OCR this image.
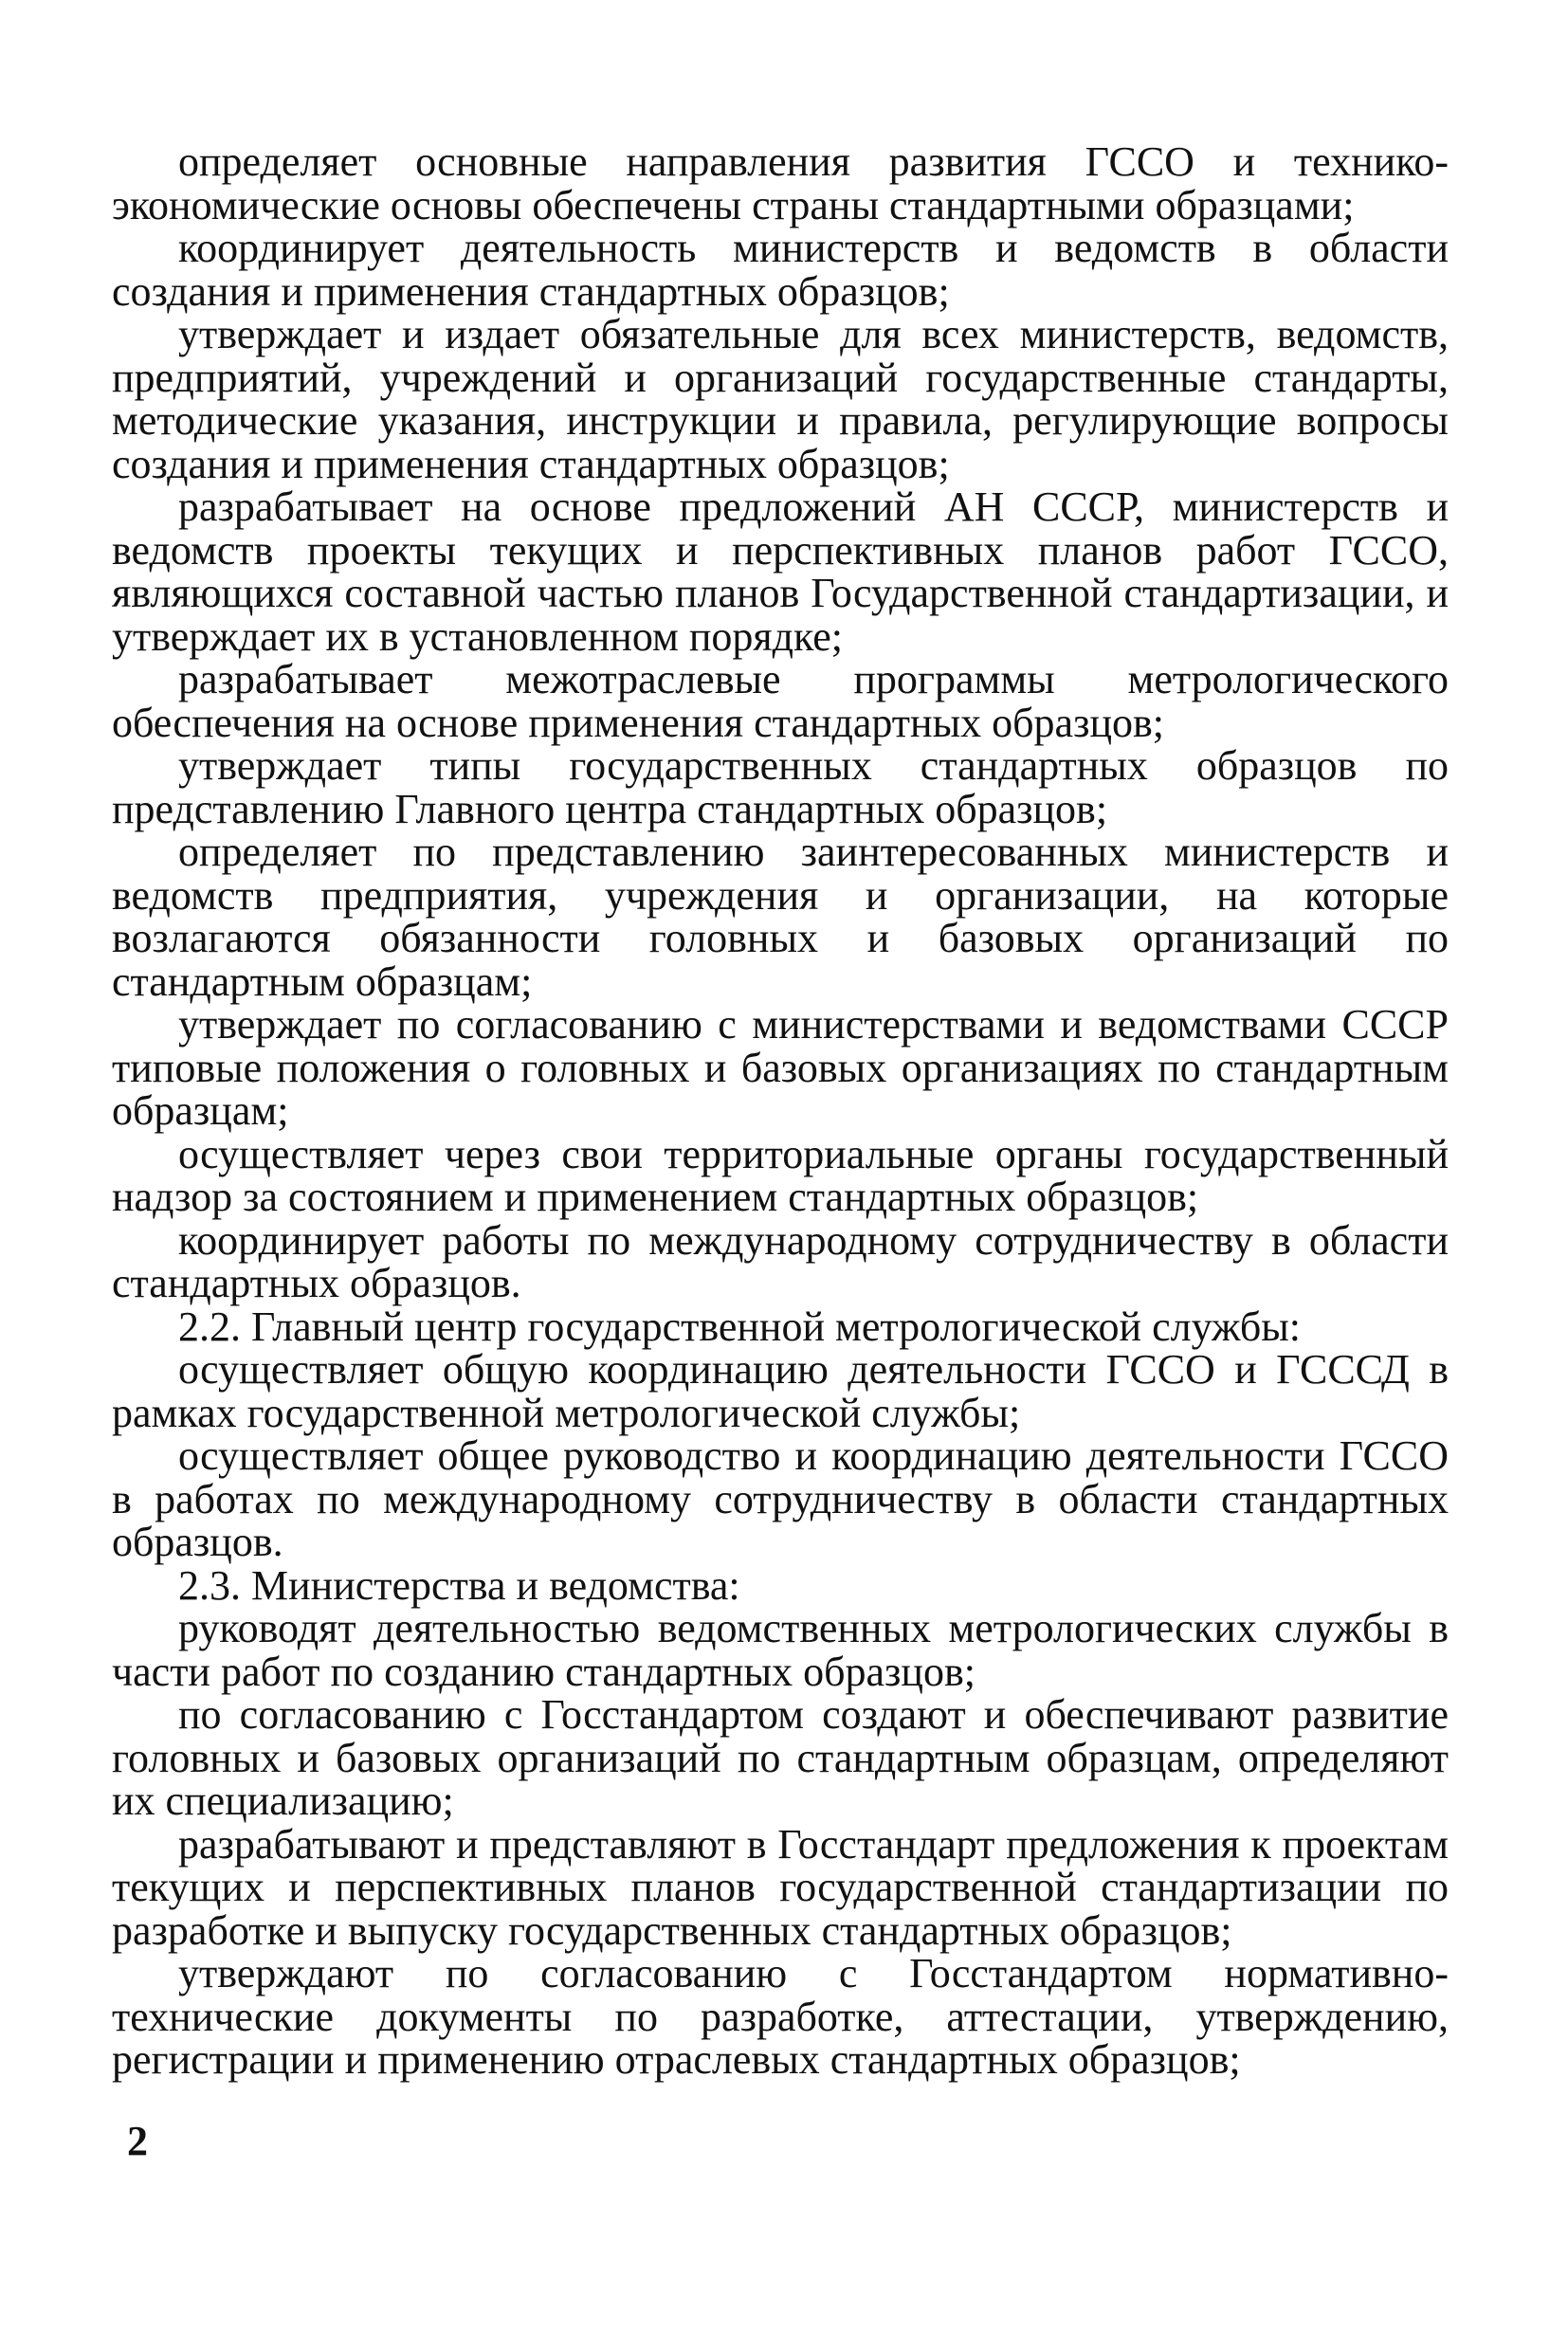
определяет основные направления развития ГССО и технико-экономические основы обеспечены страны стандартными образцами;

координирует деятельность министерств и ведомств в области создания и применения стандартных образцов;

утверждает и издает обязательные для всех министерств, ведомств, предприятий, учреждений и организаций государственные стандарты, методические указания, инструкции и правила, регулирующие вопросы создания и применения стандартных образцов;

разрабатывает на основе предложений АН СССР, министерств и ведомств проекты текущих и перспективных планов работ ГССО, являющихся составной частью планов Государственной стандартизации, и утверждает их в установленном порядке;

разрабатывает межотраслевые программы метрологического обеспечения на основе применения стандартных образцов;

утверждает типы государственных стандартных образцов по представлению Главного центра стандартных образцов;

определяет по представлению заинтересованных министерств и ведомств предприятия, учреждения и организации, на которые возлагаются обязанности головных и базовых организаций по стандартным образцам;

утверждает по согласованию с министерствами и ведомствами СССР типовые положения о головных и базовых организациях по стандартным образцам;

осуществляет через свои территориальные органы государственный надзор за состоянием и применением стандартных образцов;

координирует работы по международному сотрудничеству в области стандартных образцов.

2.2. Главный центр государственной метрологической службы:

осуществляет общую координацию деятельности ГССО и ГСССД в рамках государственной метрологической службы;

осуществляет общее руководство и координацию деятельности ГССО в работах по международному сотрудничеству в области стандартных образцов.

2.3. Министерства и ведомства:

руководят деятельностью ведомственных метрологических службы в части работ по созданию стандартных образцов;

по согласованию с Госстандартом создают и обеспечивают развитие головных и базовых организаций по стандартным образцам, определяют их специализацию;

разрабатывают и представляют в Госстандарт предложения к проектам текущих и перспективных планов государственной стандартизации по разработке и выпуску государственных стандартных образцов;

утверждают по согласованию с Госстандартом нормативно-технические документы по разработке, аттестации, утверждению, регистрации и применению отраслевых стандартных образцов;

2
